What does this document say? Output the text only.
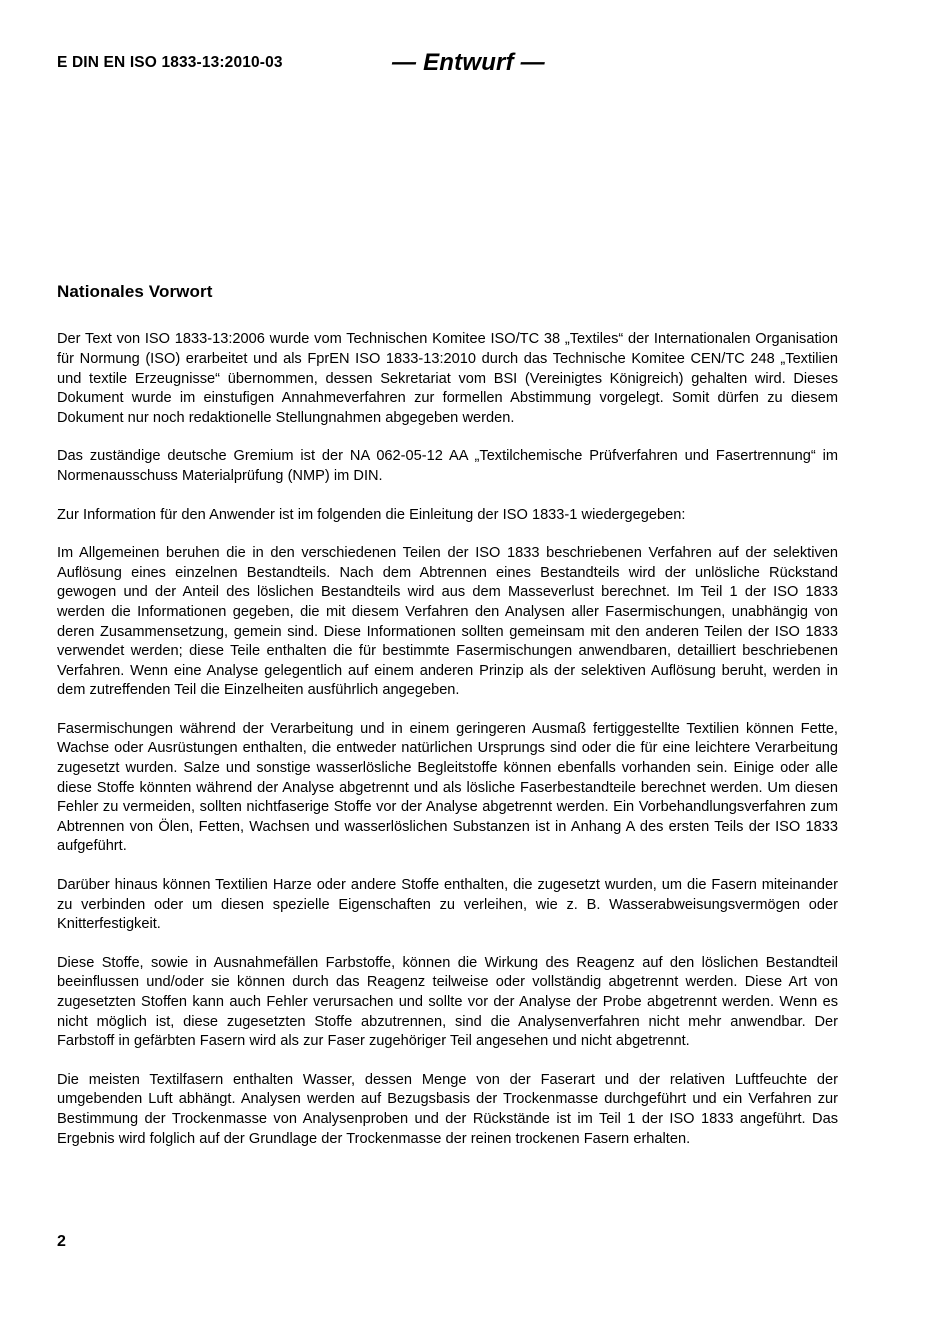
E DIN EN ISO 1833-13:2010-03	— Entwurf —
Nationales Vorwort

Der Text von ISO 1833-13:2006 wurde vom Technischen Komitee ISO/TC 38 „Textiles“ der Internationalen Organisation für Normung (ISO) erarbeitet und als FprEN ISO 1833-13:2010 durch das Technische Komitee CEN/TC 248 „Textilien und textile Erzeugnisse“ übernommen, dessen Sekretariat vom BSI (Vereinigtes Königreich) gehalten wird. Dieses Dokument wurde im einstufigen Annahmeverfahren zur formellen Abstimmung vorgelegt. Somit dürfen zu diesem Dokument nur noch redaktionelle Stellungnahmen abgegeben werden.

Das zuständige deutsche Gremium ist der NA 062-05-12 AA „Textilchemische Prüfverfahren und Fasertrennung“ im Normenausschuss Materialprüfung (NMP) im DIN.

Zur Information für den Anwender ist im folgenden die Einleitung der ISO 1833-1 wiedergegeben:

Im Allgemeinen beruhen die in den verschiedenen Teilen der ISO 1833 beschriebenen Verfahren auf der selektiven Auflösung eines einzelnen Bestandteils. Nach dem Abtrennen eines Bestandteils wird der unlösliche Rückstand gewogen und der Anteil des löslichen Bestandteils wird aus dem Masseverlust berechnet. Im Teil 1 der ISO 1833 werden die Informationen gegeben, die mit diesem Verfahren den Analysen aller Fasermischungen, unabhängig von deren Zusammensetzung, gemein sind. Diese Informationen sollten gemeinsam mit den anderen Teilen der ISO 1833 verwendet werden; diese Teile enthalten die für bestimmte Fasermischungen anwendbaren, detailliert beschriebenen Verfahren. Wenn eine Analyse gelegentlich auf einem anderen Prinzip als der selektiven Auflösung beruht, werden in dem zutreffenden Teil die Einzelheiten ausführlich angegeben.

Fasermischungen während der Verarbeitung und in einem geringeren Ausmaß fertiggestellte Textilien können Fette, Wachse oder Ausrüstungen enthalten, die entweder natürlichen Ursprungs sind oder die für eine leichtere Verarbeitung zugesetzt wurden. Salze und sonstige wasserlösliche Begleitstoffe können ebenfalls vorhanden sein. Einige oder alle diese Stoffe könnten während der Analyse abgetrennt und als lösliche Faserbestandteile berechnet werden. Um diesen Fehler zu vermeiden, sollten nichtfaserige Stoffe vor der Analyse abgetrennt werden. Ein Vorbehandlungsverfahren zum Abtrennen von Ölen, Fetten, Wachsen und wasserlöslichen Substanzen ist in Anhang A des ersten Teils der ISO 1833 aufgeführt.

Darüber hinaus können Textilien Harze oder andere Stoffe enthalten, die zugesetzt wurden, um die Fasern miteinander zu verbinden oder um diesen spezielle Eigenschaften zu verleihen, wie z. B. Wasserabweisungsvermögen oder Knitterfestigkeit.

Diese Stoffe, sowie in Ausnahmefällen Farbstoffe, können die Wirkung des Reagenz auf den löslichen Bestandteil beeinflussen und/oder sie können durch das Reagenz teilweise oder vollständig abgetrennt werden. Diese Art von zugesetzten Stoffen kann auch Fehler verursachen und sollte vor der Analyse der Probe abgetrennt werden. Wenn es nicht möglich ist, diese zugesetzten Stoffe abzutrennen, sind die Analysenverfahren nicht mehr anwendbar. Der Farbstoff in gefärbten Fasern wird als zur Faser zugehöriger Teil angesehen und nicht abgetrennt.

Die meisten Textilfasern enthalten Wasser, dessen Menge von der Faserart und der relativen Luftfeuchte der umgebenden Luft abhängt. Analysen werden auf Bezugsbasis der Trockenmasse durchgeführt und ein Verfahren zur Bestimmung der Trockenmasse von Analysenproben und der Rückstände ist im Teil 1 der ISO 1833 angeführt. Das Ergebnis wird folglich auf der Grundlage der Trockenmasse der reinen trockenen Fasern erhalten.

2
